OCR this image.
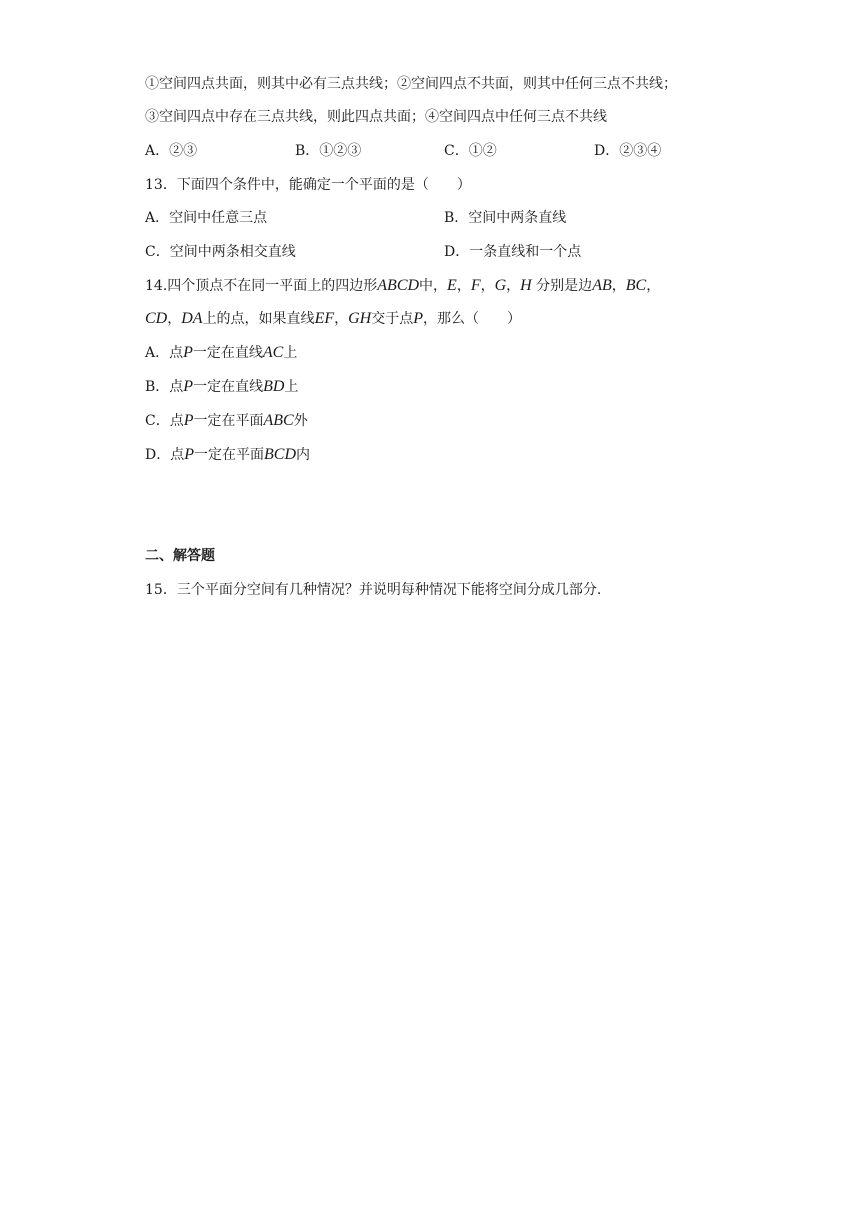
①空间四点共面，则其中必有三点共线；②空间四点不共面，则其中任何三点不共线；
③空间四点中存在三点共线，则此四点共面；④空间四点中任何三点不共线
A．②③	B．①②③	C．①②	D．②③④
13．下面四个条件中，能确定一个平面的是（　　）
A．空间中任意三点	B．空间中两条直线
C．空间中两条相交直线	D．一条直线和一个点
14.四个顶点不在同一平面上的四边形ABCD中，E，F，G，H 分别是边AB，BC，
CD，DA上的点，如果直线EF，GH交于点P，那么（　　）
A．点P一定在直线AC上
B．点P一定在直线BD上
C．点P一定在平面ABC外
D．点P一定在平面BCD内
二、解答题
15．三个平面分空间有几种情况？并说明每种情况下能将空间分成几部分.
